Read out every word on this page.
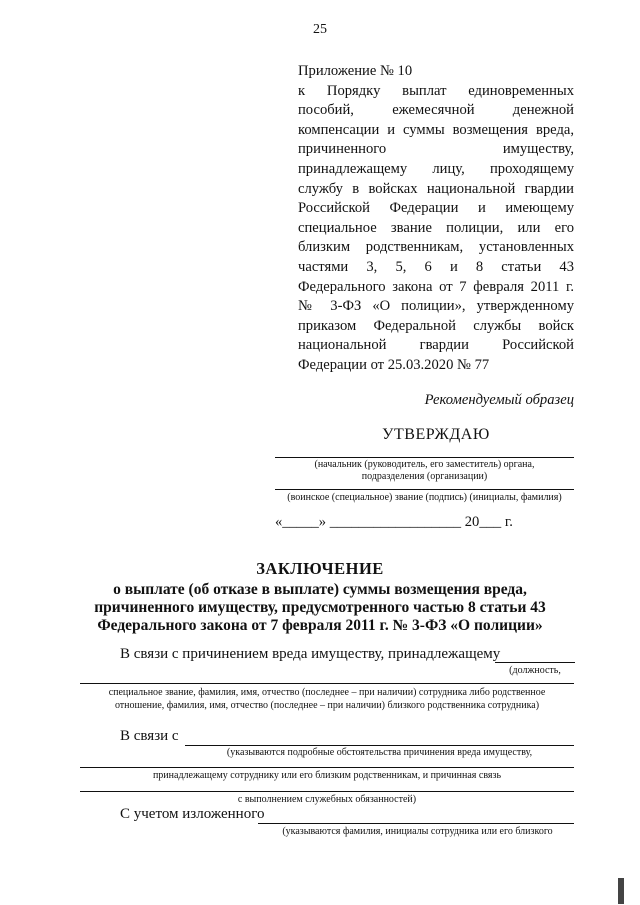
25
Приложение № 10
к Порядку выплат единовременных
пособий, ежемесячной денежной
компенсации и суммы возмещения вреда,
причиненного имуществу,
принадлежащему лицу, проходящему
службу в войсках национальной гвардии
Российской Федерации и имеющему
специальное звание полиции, или его
близким родственникам, установленных
частями 3, 5, 6 и 8 статьи 43
Федерального закона от 7 февраля 2011 г.
№ 3-ФЗ «О полиции», утвержденному
приказом Федеральной службы войск
национальной гвардии Российской
Федерации от 25.03.2020 № 77
Рекомендуемый образец
УТВЕРЖДАЮ
(начальник (руководитель, его заместитель) органа,
подразделения (организации)
(воинское (специальное) звание (подпись) (инициалы, фамилия)
«_____» __________________ 20___ г.
ЗАКЛЮЧЕНИЕ
о выплате (об отказе в выплате) суммы возмещения вреда,
причиненного имуществу, предусмотренного частью 8 статьи 43
Федерального закона от 7 февраля 2011 г. № 3-ФЗ «О полиции»
В связи с причинением вреда имуществу, принадлежащему
(должность,
специальное звание, фамилия, имя, отчество (последнее – при наличии) сотрудника либо родственное
отношение, фамилия, имя, отчество (последнее – при наличии) близкого родственника сотрудника)
В связи с
(указываются подробные обстоятельства причинения вреда имуществу,
принадлежащему сотруднику или его близким родственникам, и причинная связь
с выполнением служебных обязанностей)
С учетом изложенного
(указываются фамилия, инициалы сотрудника или его близкого
